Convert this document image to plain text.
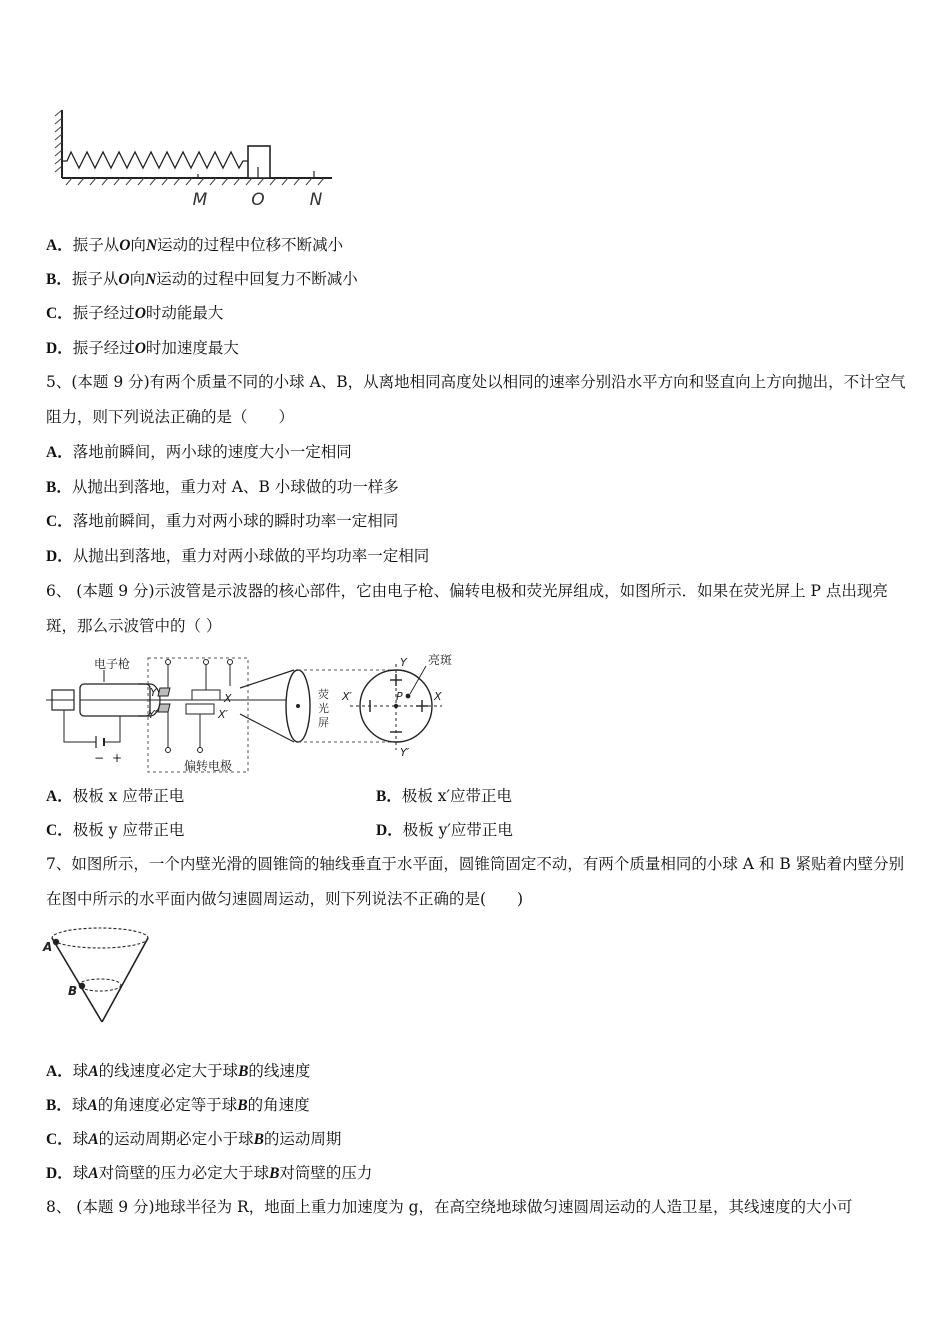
M	O	N
A．振子从O向N运动的过程中位移不断减小
B．振子从O向N运动的过程中回复力不断减小
C．振子经过O时动能最大
D．振子经过O时加速度最大
5、(本题 9 分)有两个质量不同的小球 A、B，从离地相同高度处以相同的速率分别沿水平方向和竖直向上方向抛出，不计空气阻力，则下列说法正确的是（　　）
A．落地前瞬间，两小球的速度大小一定相同
B．从抛出到落地，重力对 A、B 小球做的功一样多
C．落地前瞬间，重力对两小球的瞬时功率一定相同
D．从抛出到落地，重力对两小球做的平均功率一定相同
6、 (本题 9 分)示波管是示波器的核心部件，它由电子枪、偏转电极和荧光屏组成，如图所示．如果在荧光屏上 P 点出现亮斑，那么示波管中的（ ）
电子枪
− +
Y
Y′
X
X′
偏转电极
荧
光
屏
亮斑
P
Y
Y′
X′	X
A．极板 x 应带正电	B．极板 x′应带正电
C．极板 y 应带正电	D．极板 y′应带正电
7、如图所示，一个内壁光滑的圆锥筒的轴线垂直于水平面，圆锥筒固定不动，有两个质量相同的小球 A 和 B 紧贴着内壁分别在图中所示的水平面内做匀速圆周运动，则下列说法不正确的是(　　)
A
B
A．球A的线速度必定大于球B的线速度
B．球A的角速度必定等于球B的角速度
C．球A的运动周期必定小于球B的运动周期
D．球A对筒壁的压力必定大于球B对筒壁的压力
8、 (本题 9 分)地球半径为 R，地面上重力加速度为 g，在高空绕地球做匀速圆周运动的人造卫星，其线速度的大小可
